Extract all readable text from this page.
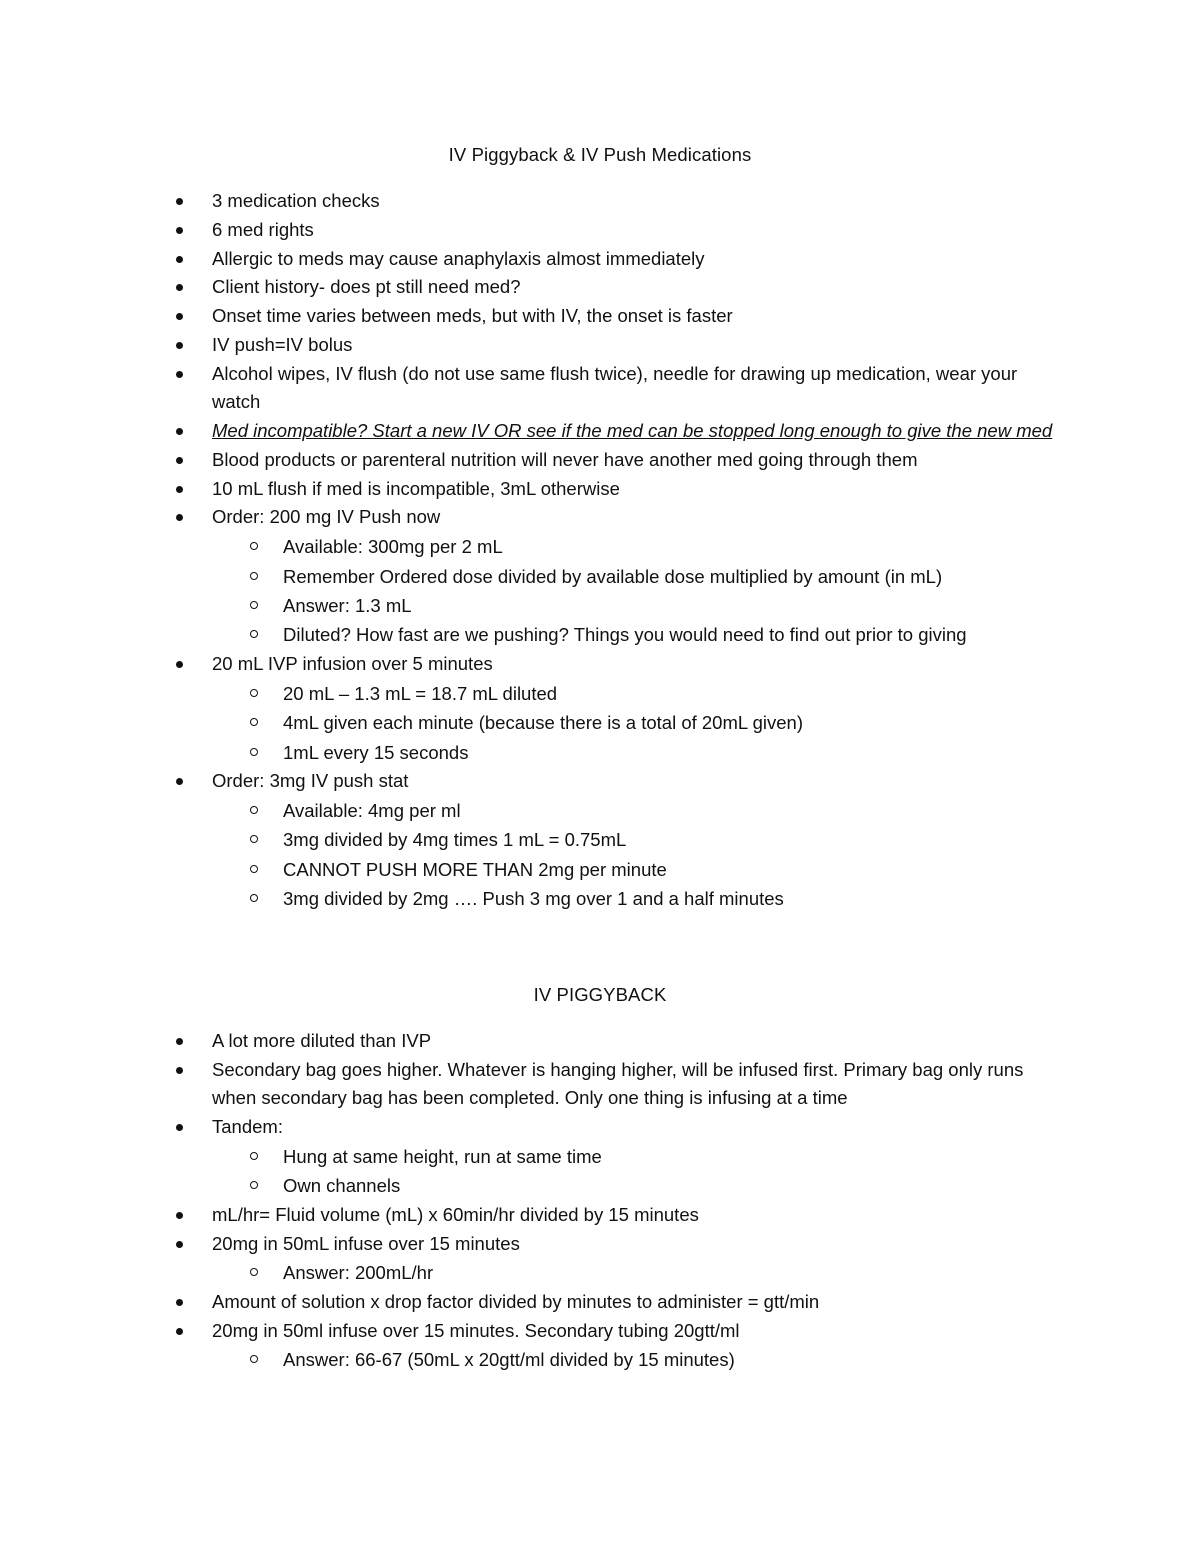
IV Piggyback & IV Push Medications
3 medication checks
6 med rights
Allergic to meds may cause anaphylaxis almost immediately
Client history- does pt still need med?
Onset time varies between meds, but with IV, the onset is faster
IV push=IV bolus
Alcohol wipes, IV flush (do not use same flush twice), needle for drawing up medication, wear your watch
Med incompatible? Start a new IV OR see if the med can be stopped long enough to give the new med
Blood products or parenteral nutrition will never have another med going through them
10 mL flush if med is incompatible, 3mL otherwise
Order: 200 mg IV Push now
Available: 300mg per 2 mL
Remember Ordered dose divided by available dose multiplied by amount (in mL)
Answer: 1.3 mL
Diluted? How fast are we pushing? Things you would need to find out prior to giving
20 mL IVP infusion over 5 minutes
20 mL – 1.3 mL = 18.7 mL diluted
4mL given each minute (because there is a total of 20mL given)
1mL every 15 seconds
Order: 3mg IV push stat
Available: 4mg per ml
3mg divided by 4mg times 1 mL = 0.75mL
CANNOT PUSH MORE THAN 2mg per minute
3mg divided by 2mg …. Push 3 mg over 1 and a half minutes
IV PIGGYBACK
A lot more diluted than IVP
Secondary bag goes higher. Whatever is hanging higher, will be infused first. Primary bag only runs when secondary bag has been completed. Only one thing is infusing at a time
Tandem:
Hung at same height, run at same time
Own channels
mL/hr= Fluid volume (mL) x 60min/hr divided by 15 minutes
20mg in 50mL infuse over 15 minutes
Answer: 200mL/hr
Amount of solution x drop factor divided by minutes to administer = gtt/min
20mg in 50ml infuse over 15 minutes. Secondary tubing 20gtt/ml
Answer: 66-67 (50mL x 20gtt/ml divided by 15 minutes)
